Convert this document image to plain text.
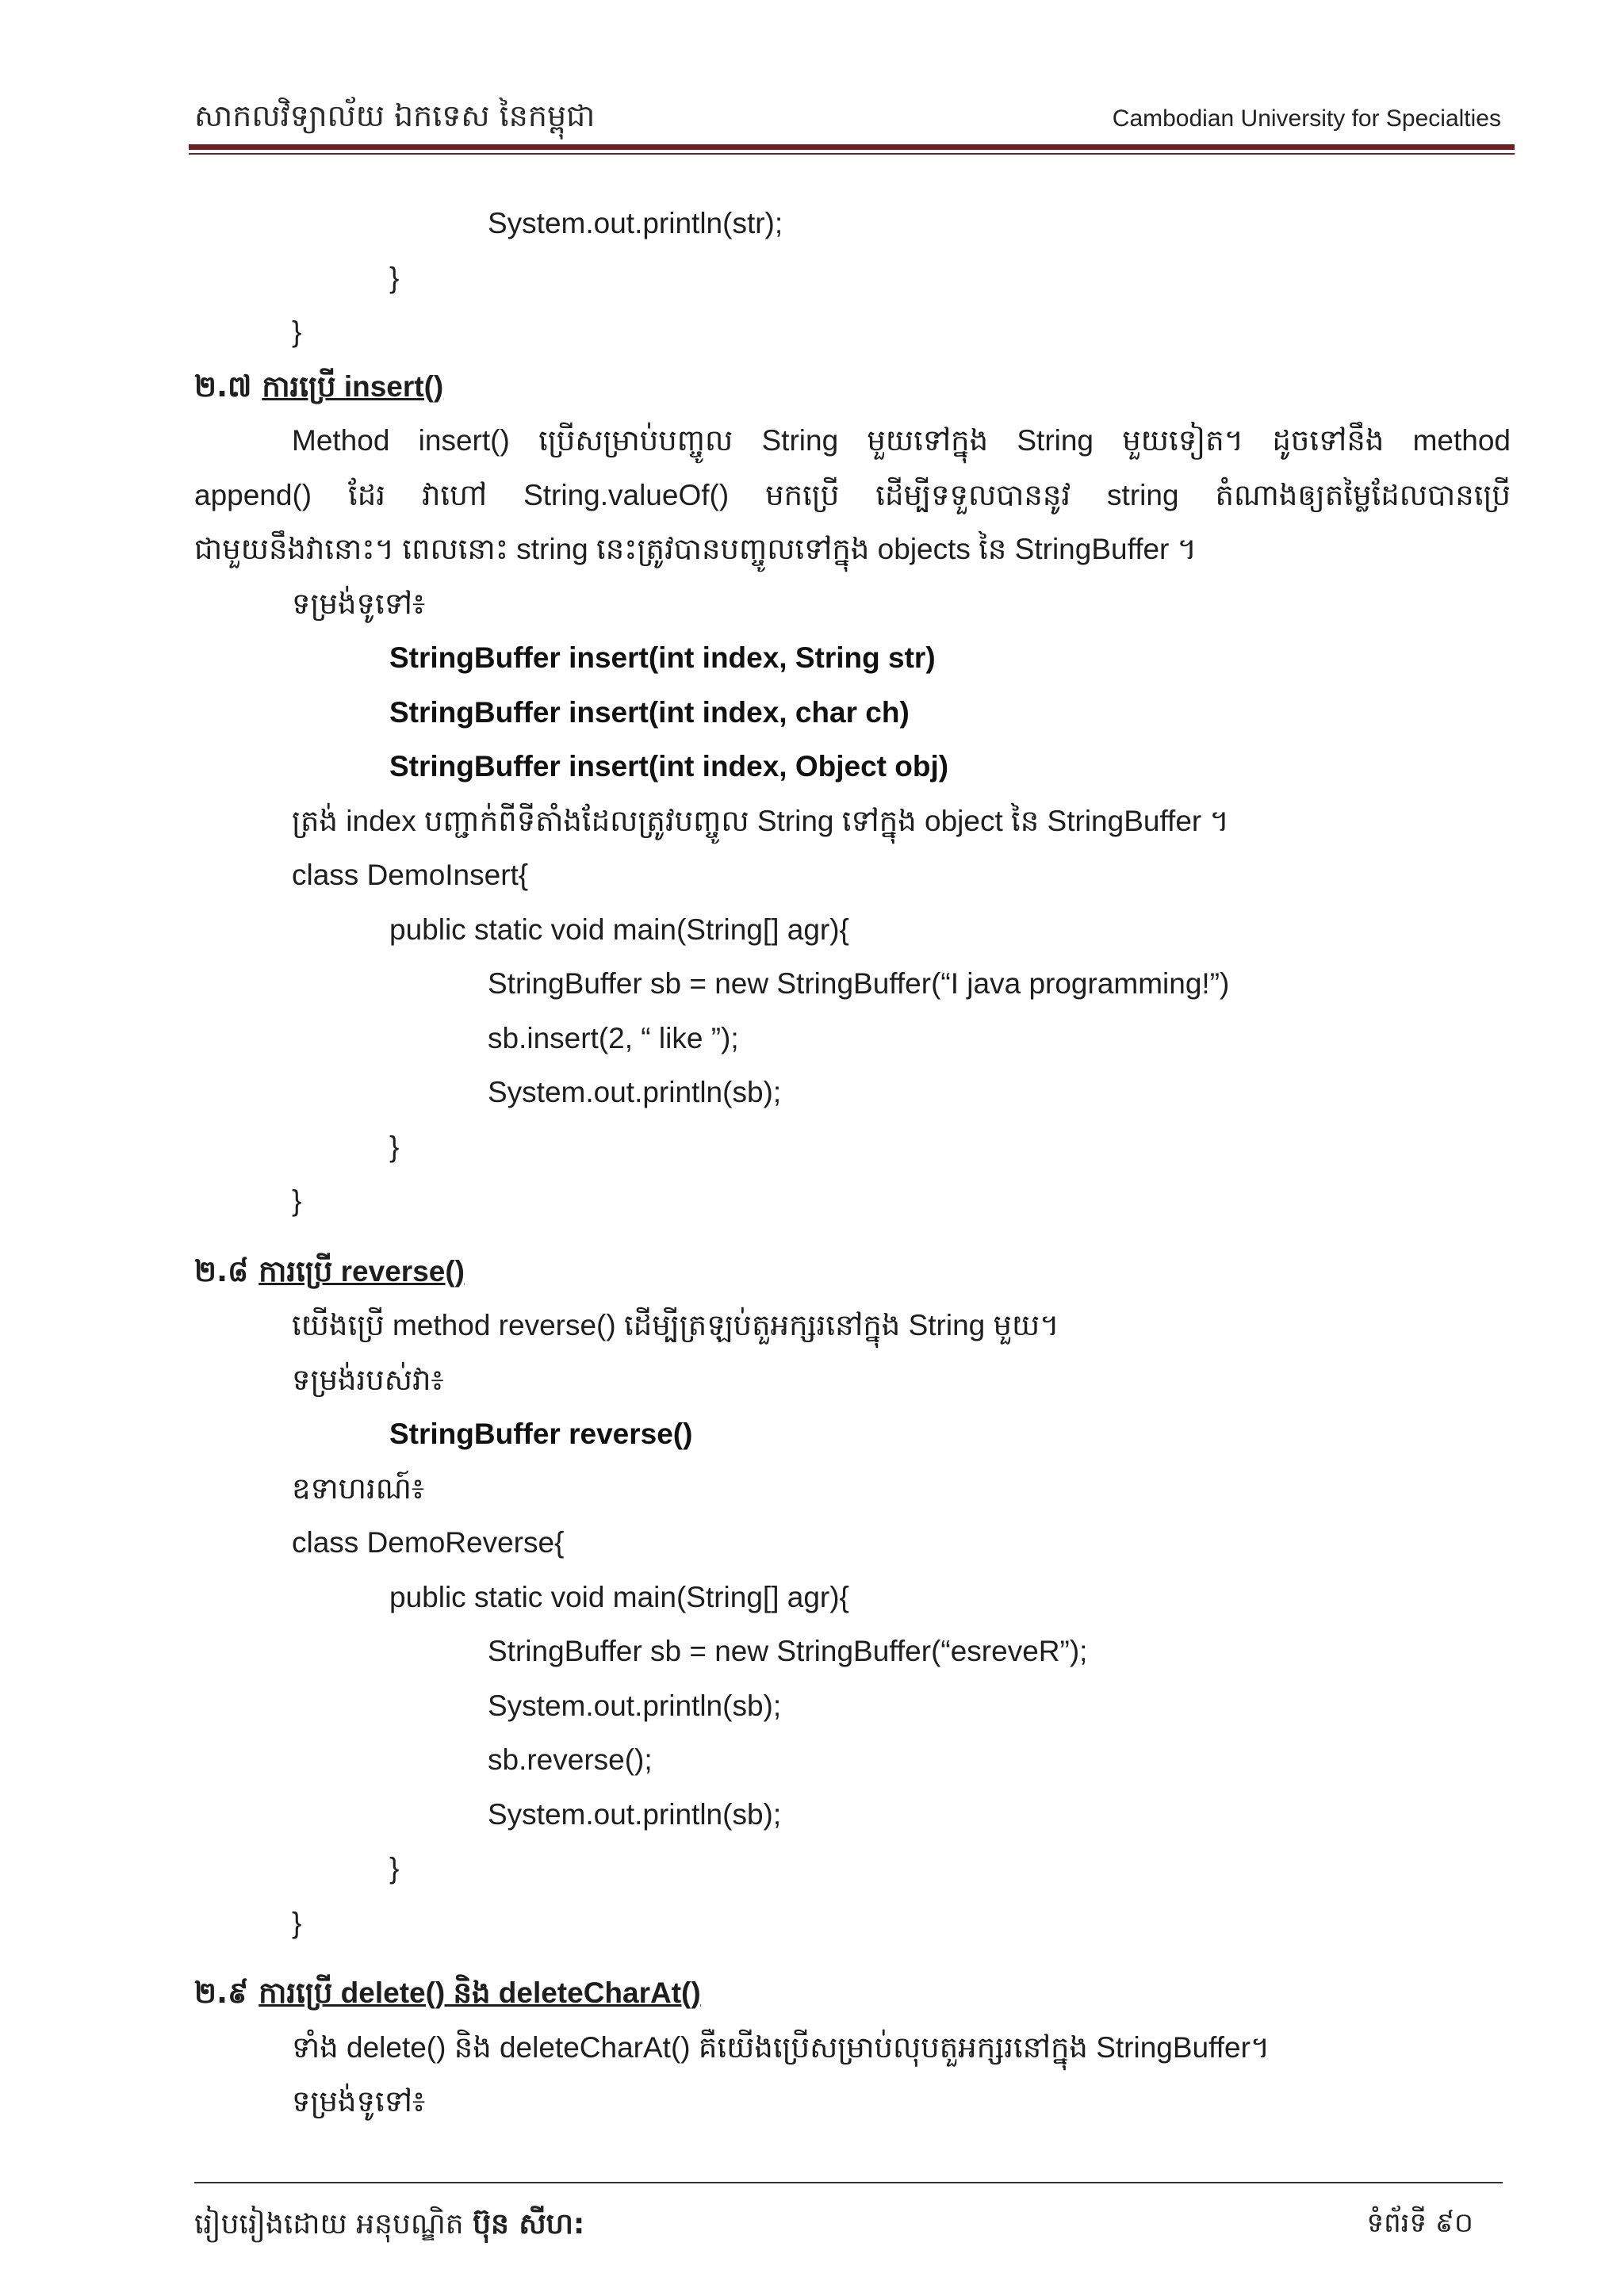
សាកលវិទ្យាល័យ ឯកទេស នៃកម្ពុជា	Cambodian University for Specialties
System.out.println(str);
}
}
២.៧ ការប្រើ insert()
Method insert() ប្រើសម្រាប់បញ្ចូល String មួយទៅក្នុង String មួយទៀត។ ដូចទៅនឹង method
append() ដែរ វាហៅ String.valueOf() មកប្រើ ដើម្បីទទួលបាននូវ string តំណាងឲ្យតម្លៃដែលបានប្រើ
ជាមួយនឹងវានោះ។ ពេលនោះ string នេះត្រូវបានបញ្ចូលទៅក្នុង objects នៃ StringBuffer ។
ទម្រង់ទូទៅ៖
StringBuffer insert(int index, String str)
StringBuffer insert(int index, char ch)
StringBuffer insert(int index, Object obj)
ត្រង់ index បញ្ជាក់ពីទីតាំងដែលត្រូវបញ្ចូល String ទៅក្នុង object នៃ StringBuffer ។
class DemoInsert{
public static void main(String[] agr){
StringBuffer sb = new StringBuffer(“I java programming!”)
sb.insert(2, “ like ”);
System.out.println(sb);
}
}
២.៨ ការប្រើ reverse()
យើងប្រើ method reverse() ដើម្បីត្រឡប់តួអក្សរនៅក្នុង String មួយ។
ទម្រង់របស់វា៖
StringBuffer reverse()
ឧទាហរណ៍៖
class DemoReverse{
public static void main(String[] agr){
StringBuffer sb = new StringBuffer(“esreveR”);
System.out.println(sb);
sb.reverse();
System.out.println(sb);
}
}
២.៩ ការប្រើ delete() និង deleteCharAt()
ទាំង delete() និង deleteCharAt() គឺយើងប្រើសម្រាប់លុបតួអក្សរនៅក្នុង StringBuffer។
ទម្រង់ទូទៅ៖
រៀបរៀងដោយ អនុបណ្ឌិត ប៊ុន សីហ:	ទំព័រទី ៩០
